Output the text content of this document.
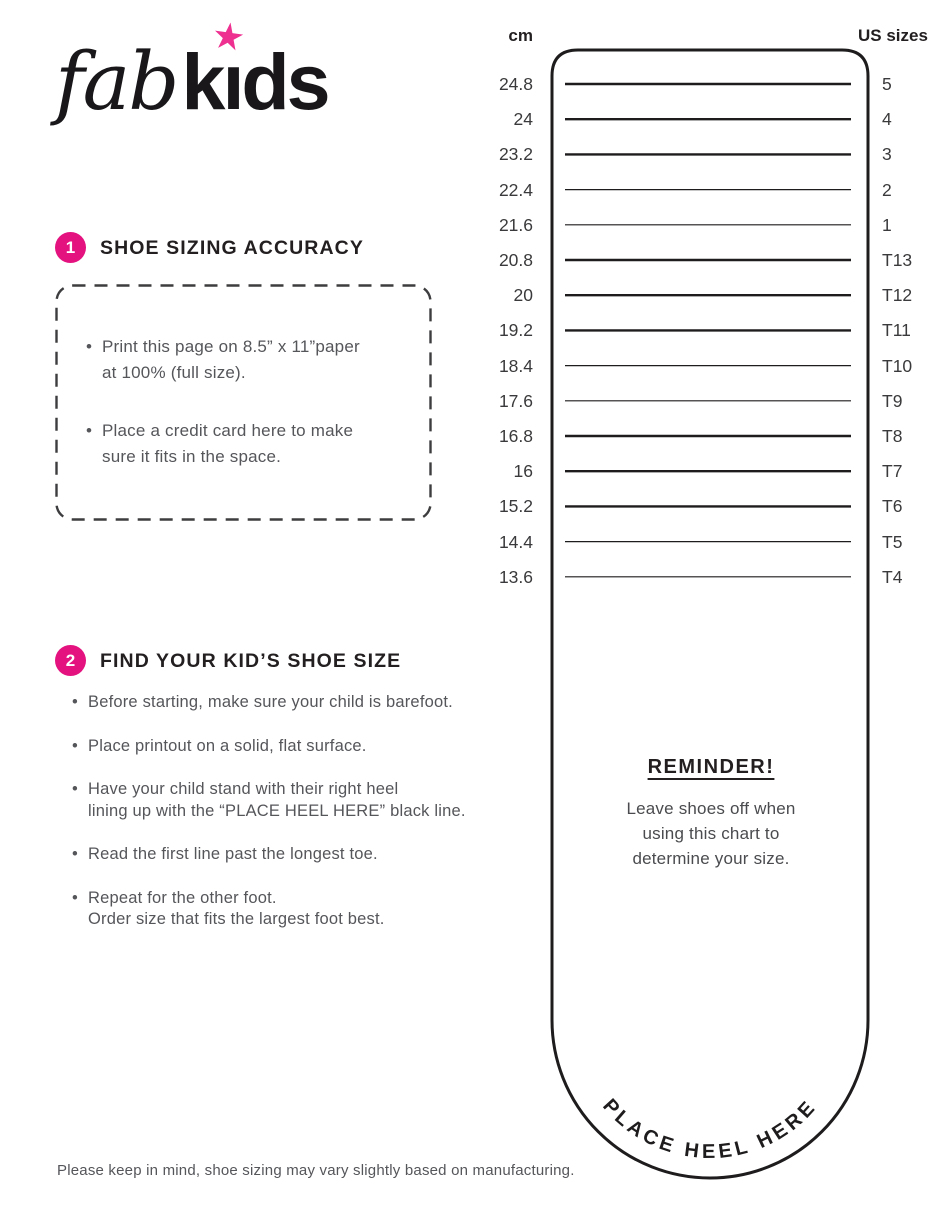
fab k
★
ıds
1 SHOE SIZING ACCURACY
• Print this page on 8.5” x 11”paper
at 100% (full size).
• Place a credit card here to make
sure it fits in the space.
2 FIND YOUR KID’S SHOE SIZE
• Before starting, make sure your child is barefoot.
• Place printout on a solid, flat surface.
• Have your child stand with their right heel
lining up with the “PLACE HEEL HERE” black line.
• Read the first line past the longest toe.
• Repeat for the other foot.
Order size that fits the largest foot best.
Please keep in mind, shoe sizing may vary slightly based on manufacturing.
cm	US sizes
PLACE HEEL HERE
24.8	5
24	4
23.2	3
22.4	2
21.6	1
20.8	T13
20	T12
19.2	T11
18.4	T10
17.6	T9
16.8	T8
16	T7
15.2	T6
14.4	T5
13.6	T4
REMINDER!
Leave shoes off when
using this chart to
determine your size.
